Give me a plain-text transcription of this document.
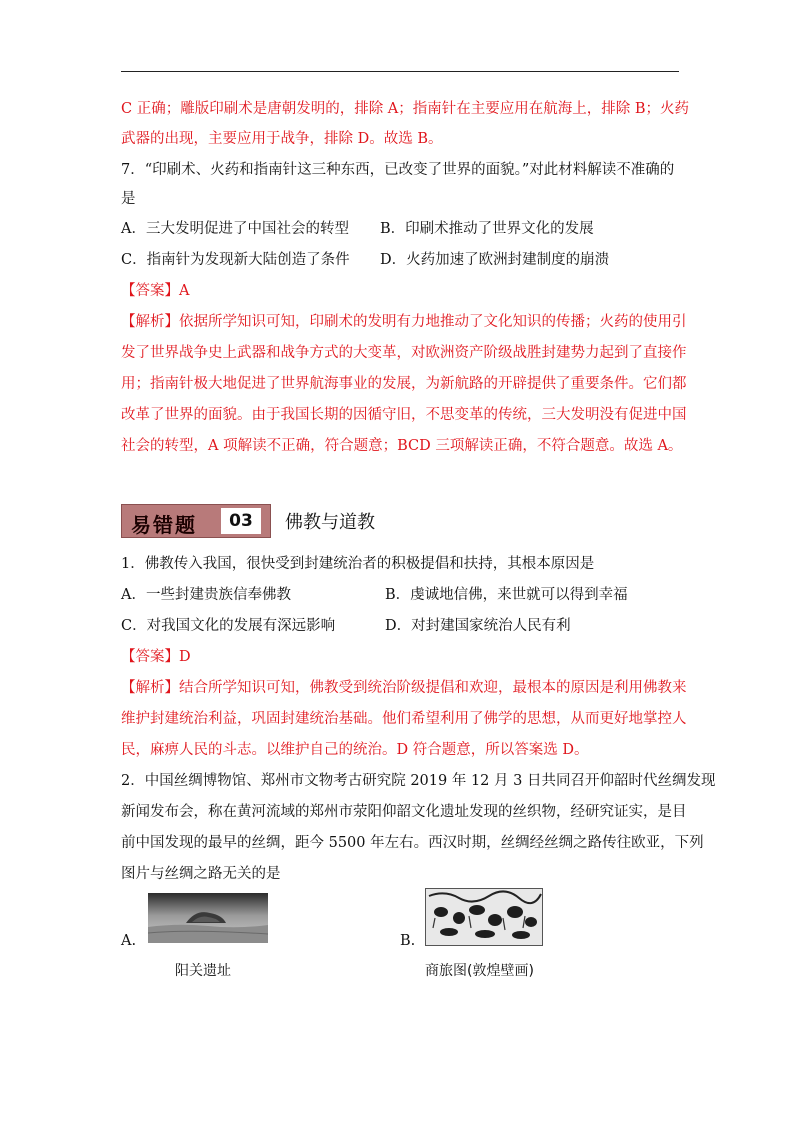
C 正确；雕版印刷术是唐朝发明的，排除 A；指南针在主要应用在航海上，排除 B；火药
武器的出现，主要应用于战争，排除 D。故选 B。
7．“印刷术、火药和指南针这三种东西，已改变了世界的面貌。”对此材料解读不准确的
是
A．三大发明促进了中国社会的转型 B．印刷术推动了世界文化的发展
C．指南针为发现新大陆创造了条件 D．火药加速了欧洲封建制度的崩溃
【答案】A
【解析】依据所学知识可知，印刷术的发明有力地推动了文化知识的传播；火药的使用引
发了世界战争史上武器和战争方式的大变革，对欧洲资产阶级战胜封建势力起到了直接作
用；指南针极大地促进了世界航海事业的发展，为新航路的开辟提供了重要条件。它们都
改革了世界的面貌。由于我国长期的因循守旧，不思变革的传统，三大发明没有促进中国
社会的转型，A 项解读不正确，符合题意；BCD 三项解读正确，不符合题意。故选 A。
易错题	03	佛教与道教
1．佛教传入我国，很快受到封建统治者的积极提倡和扶持，其根本原因是
A．一些封建贵族信奉佛教	B．虔诚地信佛，来世就可以得到幸福
C．对我国文化的发展有深远影响	D．对封建国家统治人民有利
【答案】D
【解析】结合所学知识可知，佛教受到统治阶级提倡和欢迎，最根本的原因是利用佛教来
维护封建统治利益，巩固封建统治基础。他们希望利用了佛学的思想，从而更好地掌控人
民，麻痹人民的斗志。以维护自己的统治。D 符合题意，所以答案选 D。
2．中国丝绸博物馆、郑州市文物考古研究院 2019 年 12 月 3 日共同召开仰韶时代丝绸发现
新闻发布会，称在黄河流域的郑州市荥阳仰韶文化遗址发现的丝织物，经研究证实，是目
前中国发现的最早的丝绸，距今 5500 年左右。西汉时期，丝绸经丝绸之路传往欧亚，下列
图片与丝绸之路无关的是
A.
阳关遗址
B.
商旅图(敦煌壁画)
